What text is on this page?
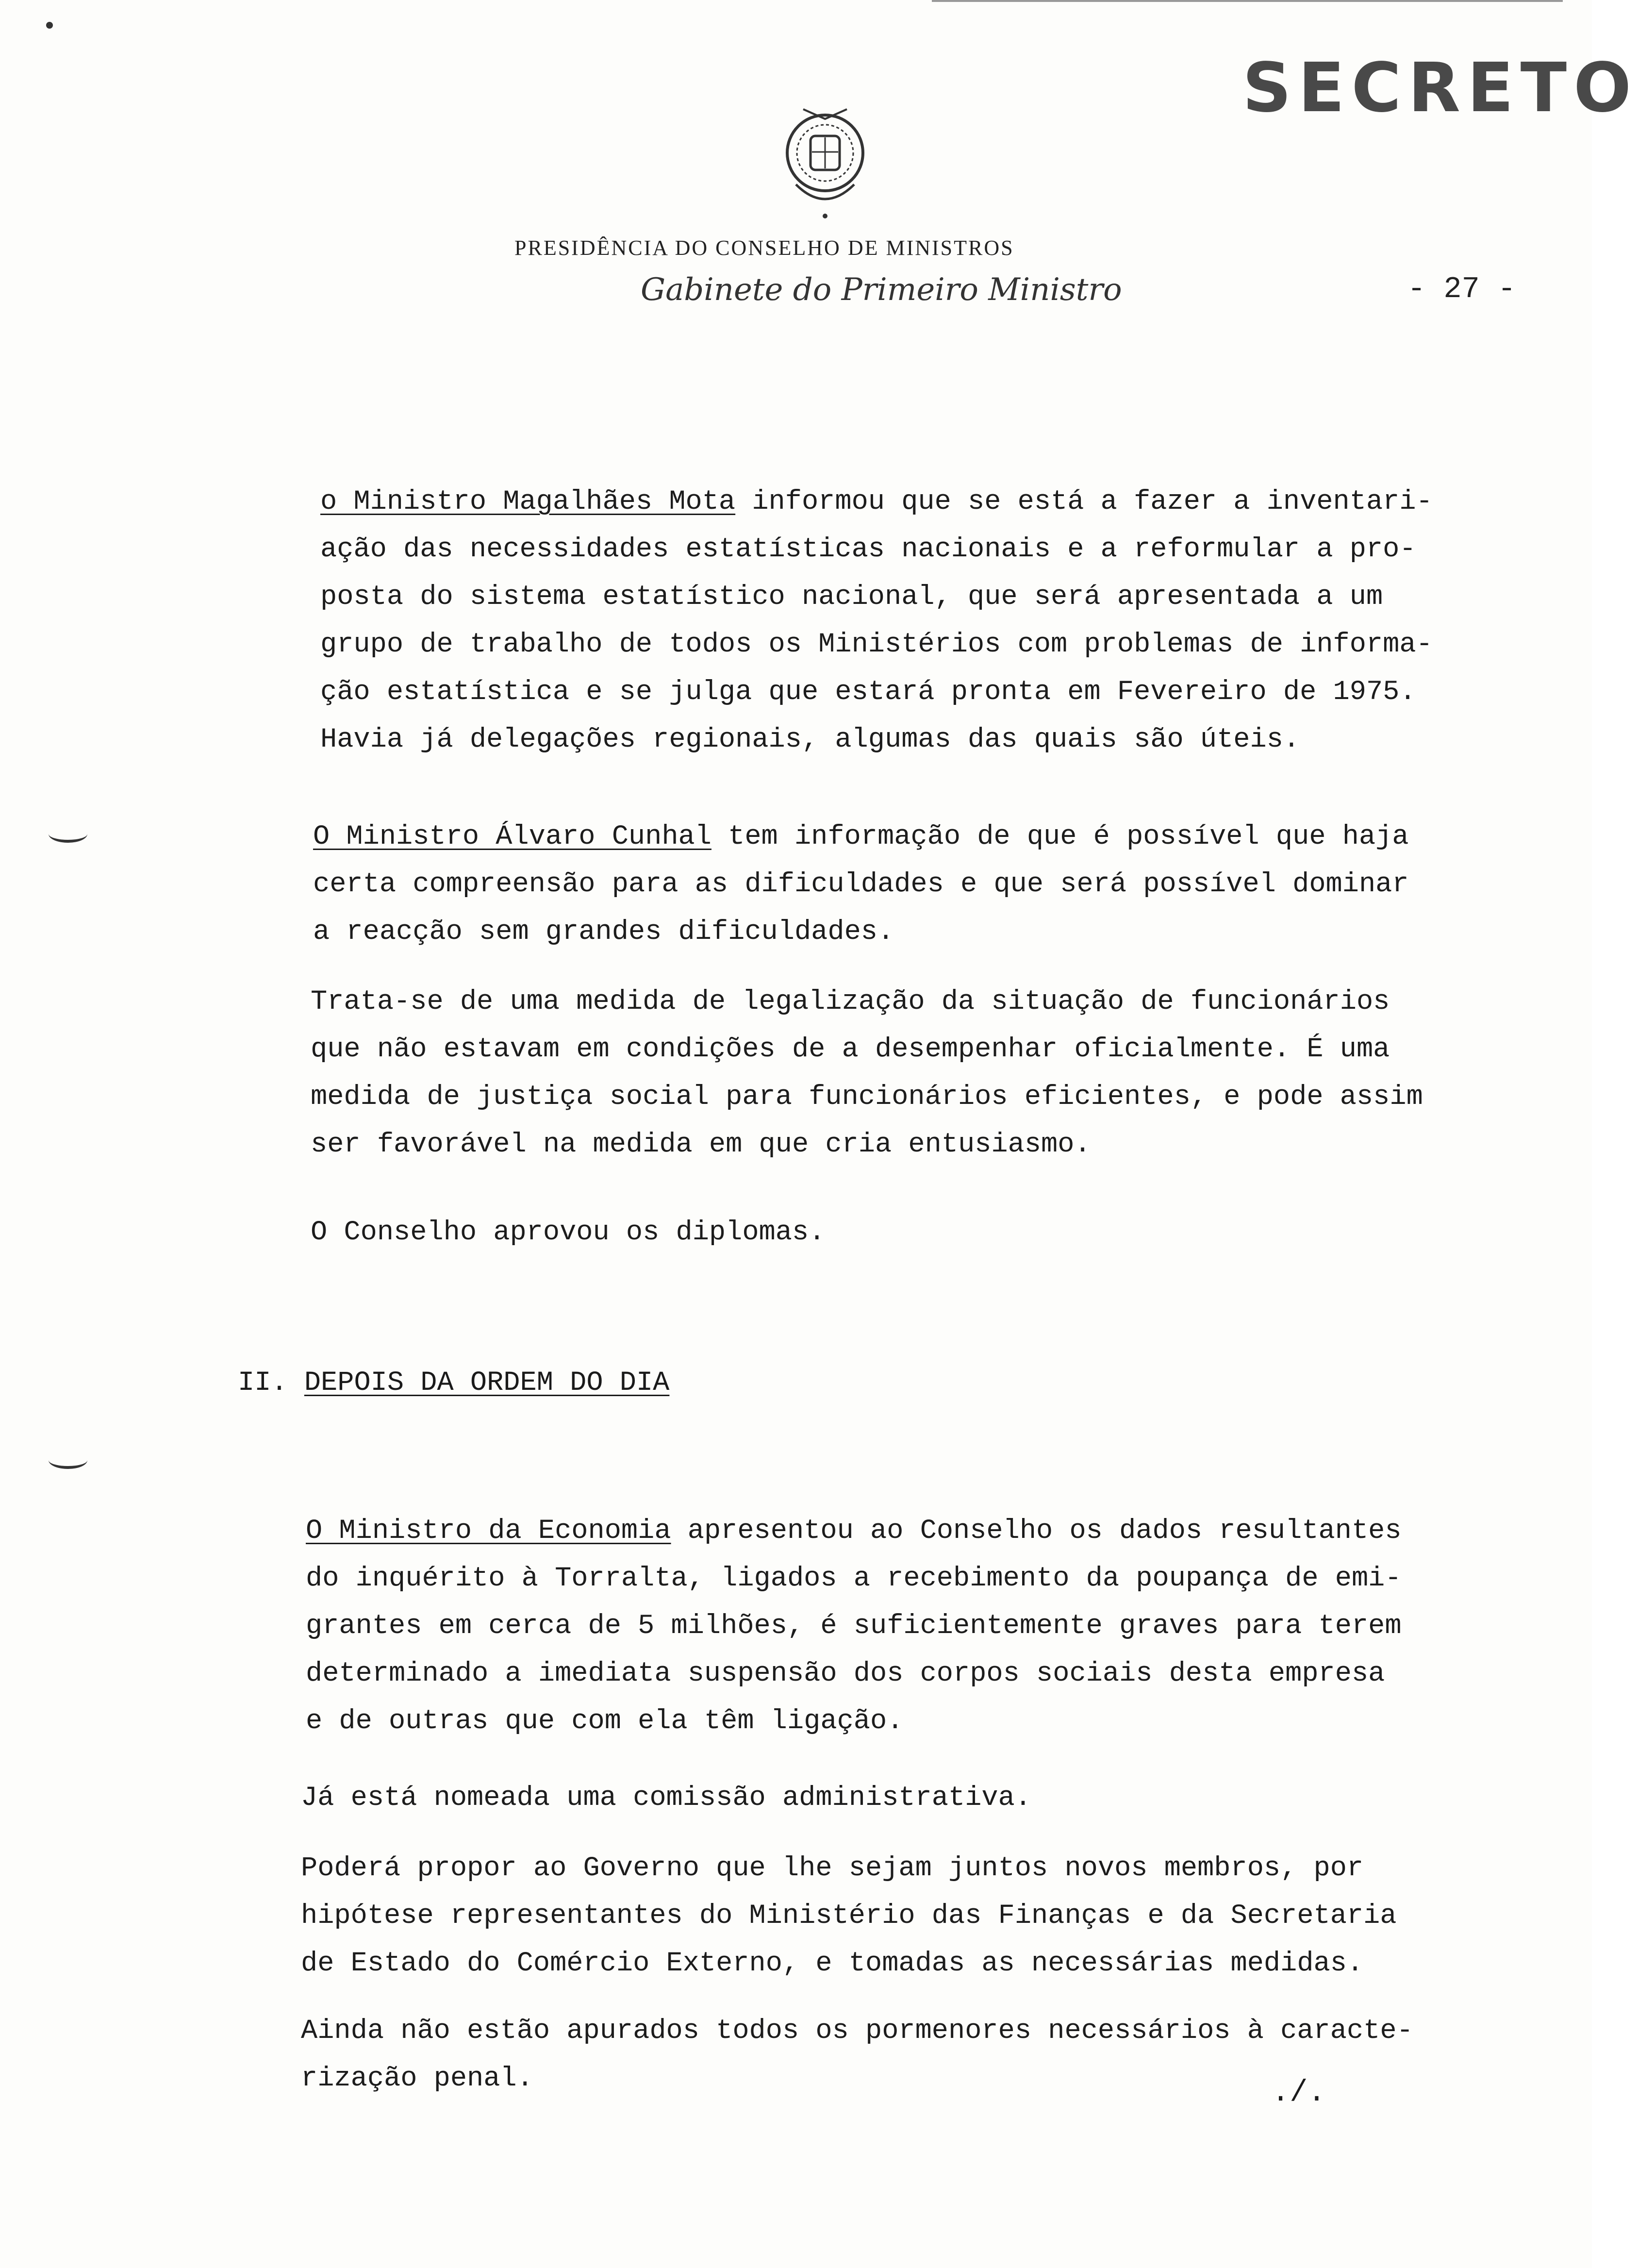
SECRETO
PRESIDÊNCIA DO CONSELHO DE MINISTROS
Gabinete do Primeiro Ministro	- 27 -
o Ministro Magalhães Mota informou que se está a fazer a inventari-
ação das necessidades estatísticas nacionais e a reformular a pro-
posta do sistema estatístico nacional, que será apresentada a um
grupo de trabalho de todos os Ministérios com problemas de informa-
ção estatística e se julga que estará pronta em Fevereiro de 1975.
Havia já delegações regionais, algumas das quais são úteis.
O Ministro Álvaro Cunhal tem informação de que é possível que haja
certa compreensão para as dificuldades e que será possível dominar
a reacção sem grandes dificuldades.
Trata-se de uma medida de legalização da situação de funcionários
que não estavam em condições de a desempenhar oficialmente. É uma
medida de justiça social para funcionários eficientes, e pode assim
ser favorável na medida em que cria entusiasmo.
O Conselho aprovou os diplomas.
II. DEPOIS DA ORDEM DO DIA
O Ministro da Economia apresentou ao Conselho os dados resultantes
do inquérito à Torralta, ligados a recebimento da poupança de emi-
grantes em cerca de 5 milhões, é suficientemente graves para terem
determinado a imediata suspensão dos corpos sociais desta empresa
e de outras que com ela têm ligação.
Já está nomeada uma comissão administrativa.
Poderá propor ao Governo que lhe sejam juntos novos membros, por
hipótese representantes do Ministério das Finanças e da Secretaria
de Estado do Comércio Externo, e tomadas as necessárias medidas.
Ainda não estão apurados todos os pormenores necessários à caracte-
rização penal.	./.
